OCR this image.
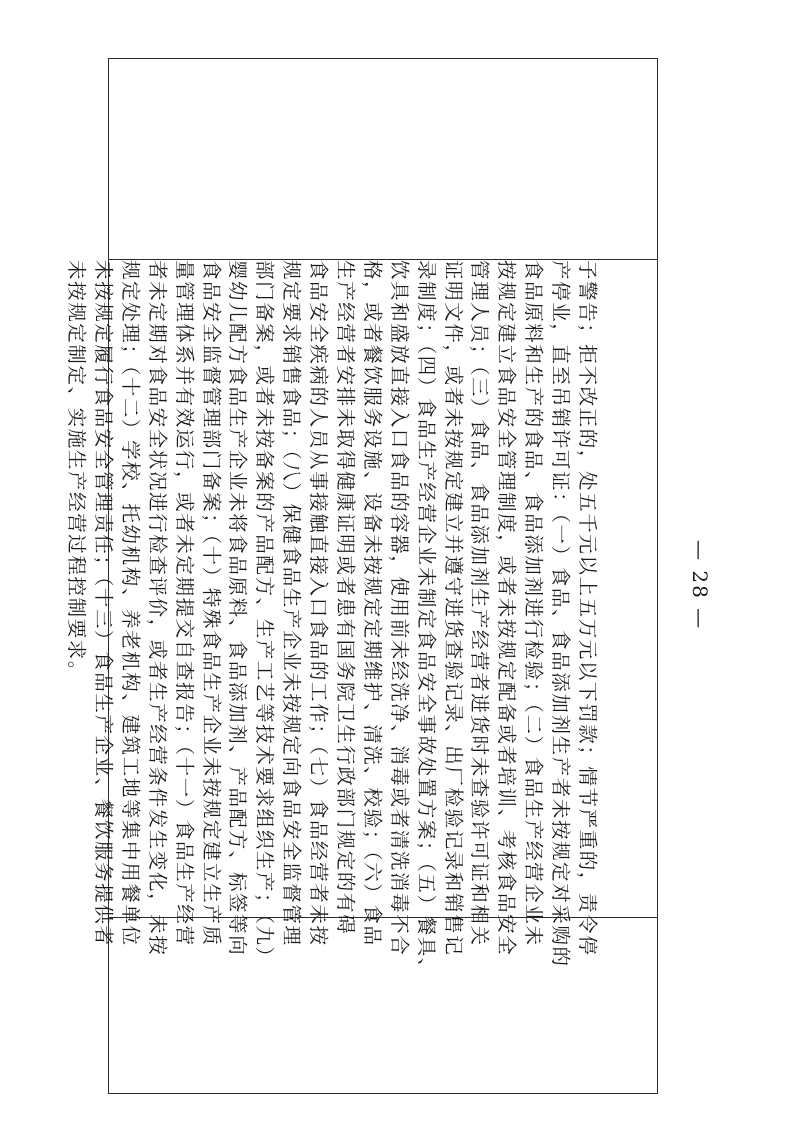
子警告；拒不改正的，处五千元以上五万元以下罚款；情节严重的，责令停
产停业，直至吊销许可证：（一）食品、食品添加剂生产者未按规定对采购的
食品原料和生产的食品、食品添加剂进行检验；（二）食品生产经营企业未
按规定建立食品安全管理制度，或者未按规定配备或者培训、考核食品安全
管理人员；（三）食品、食品添加剂生产经营者进货时未查验许可证和相关
证明文件，或者未按规定建立并遵守进货查验记录、出厂检验记录和销售记
录制度；（四）食品生产经营企业未制定食品安全事故处置方案；（五）餐具、
饮具和盛放直接入口食品的容器，使用前未经洗净、消毒或者清洗消毒不合
格，或者餐饮服务设施、设备未按规定定期维护、清洗、校验；（六）食品
生产经营者安排未取得健康证明或者患有国务院卫生行政部门规定的有碍
食品安全疾病的人员从事接触直接入口食品的工作；（七）食品经营者未按
规定要求销售食品；（八）保健食品生产企业未按规定向食品安全监督管理
部门备案，或者未按备案的产品配方、生产工艺等技术要求组织生产；（九）
婴幼儿配方食品生产企业未将食品原料、食品添加剂、产品配方、标签等向
食品安全监督管理部门备案；（十）特殊食品生产企业未按规定建立生产质
量管理体系并有效运行，或者未定期提交自查报告；（十一）食品生产经营
者未定期对食品安全状况进行检查评价，或者生产经营条件发生变化，未按
规定处理；（十二）学校、托幼机构、养老机构、建筑工地等集中用餐单位
未按规定履行食品安全管理责任；（十三）食品生产企业、餐饮服务提供者
未按规定制定、实施生产经营过程控制要求。	— 28 —
